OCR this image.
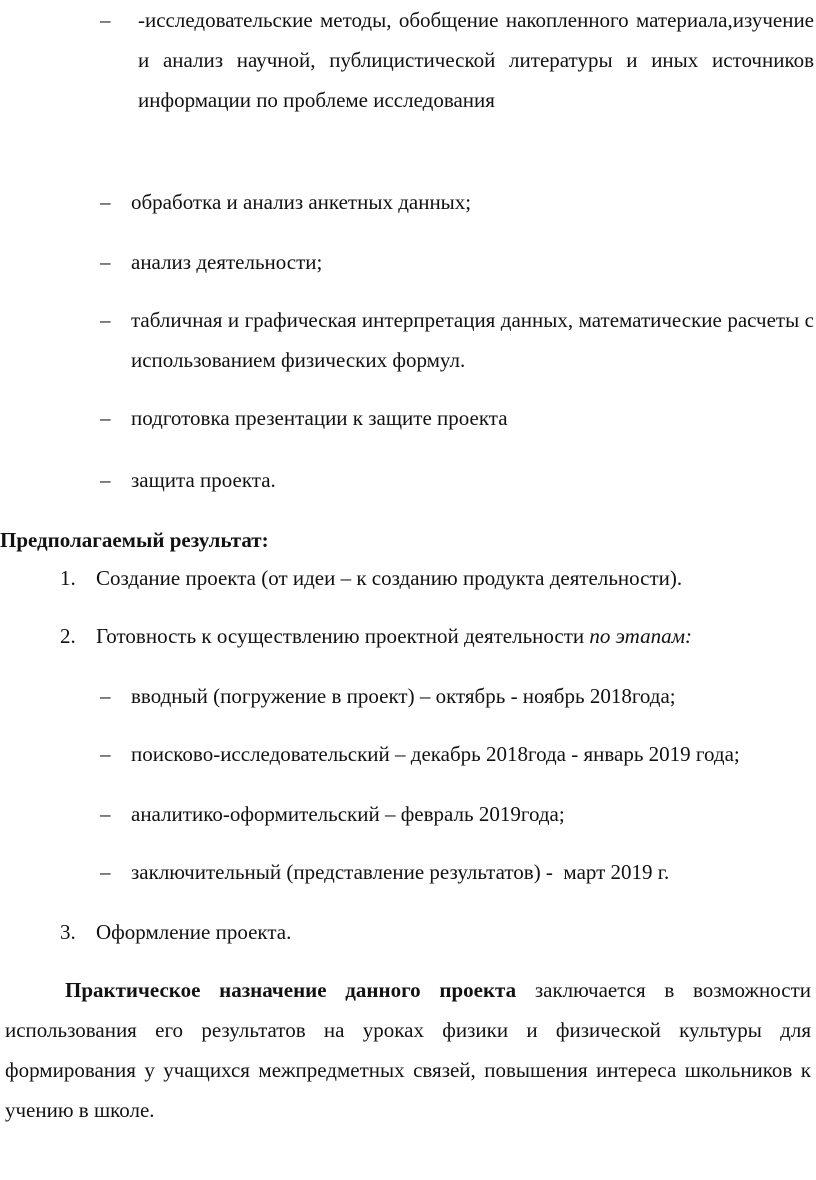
–	-исследовательские методы, обобщение накопленного материала,изучение и анализ научной, публицистической литературы и иных источников информации по проблеме исследования
– обработка и анализ анкетных данных;
– анализ деятельности;
– табличная и графическая интерпретация данных, математические расчеты с использованием физических формул.
– подготовка презентации к защите проекта
– защита проекта.
Предполагаемый результат:
1. Создание проекта (от идеи – к созданию продукта деятельности).
2. Готовность к осуществлению проектной деятельности по этапам:
– вводный (погружение в проект) – октябрь - ноябрь 2018года;
– поисково-исследовательский – декабрь 2018года - январь 2019 года;
– аналитико-оформительский – февраль 2019года;
– заключительный (представление результатов) -  март 2019 г.
3. Оформление проекта.
Практическое назначение данного проекта заключается в возможности использования его результатов на уроках физики и физической культуры для формирования у учащихся межпредметных связей, повышения интереса школьников к учению в школе.
